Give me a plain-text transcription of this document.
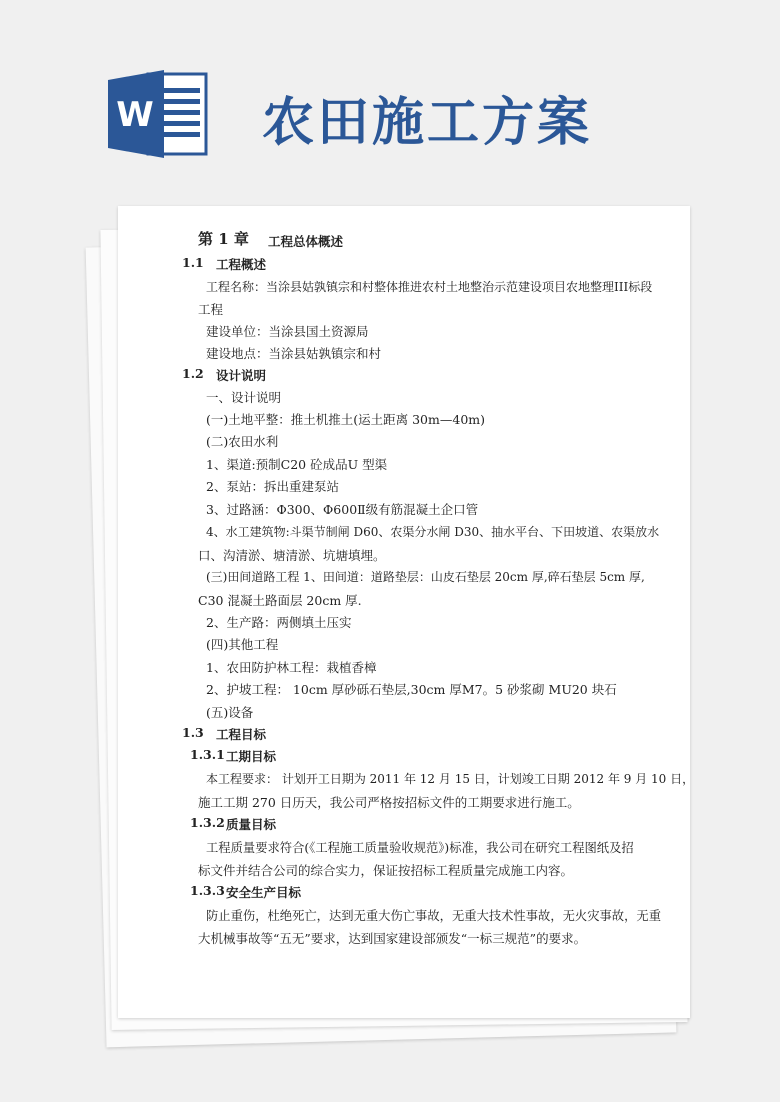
W 农田施工方案

第 1 章 工程总体概述

1.1 工程概述

工程名称：当涂县姑孰镇宗和村整体推进农村土地整治示范建设项目农地整理III标段

工程

建设单位：当涂县国土资源局

建设地点：当涂县姑孰镇宗和村

1.2 设计说明

一、设计说明

(一)土地平整：推土机推土(运土距离 30m—40m)

(二)农田水利

1、渠道:预制C20 砼成品U 型渠

2、泵站：拆出重建泵站

3、过路涵：Φ300、Φ600Ⅱ级有筋混凝土企口管

4、水工建筑物:斗渠节制闸 D60、农渠分水闸 D30、抽水平台、下田坡道、农渠放水

口、沟清淤、塘清淤、坑塘填埋。

(三)田间道路工程 1、田间道：道路垫层：山皮石垫层 20cm 厚,碎石垫层 5cm 厚,

C30 混凝土路面层 20cm 厚.

2、生产路：两侧填土压实

(四)其他工程

1、农田防护林工程：栽植香樟

2、护坡工程： 10cm 厚砂砾石垫层,30cm 厚M7。5 砂浆砌 MU20 块石

(五)设备

1.3 工程目标

1.3.1 工期目标

本工程要求： 计划开工日期为 2011 年 12 月 15 日，计划竣工日期 2012 年 9 月 10 日，

施工工期 270 日历天，我公司严格按招标文件的工期要求进行施工。

1.3.2 质量目标

工程质量要求符合(《工程施工质量验收规范》)标准，我公司在研究工程图纸及招

标文件并结合公司的综合实力，保证按招标工程质量完成施工内容。

1.3.3 安全生产目标

防止重伤，杜绝死亡，达到无重大伤亡事故，无重大技术性事故，无火灾事故，无重

大机械事故等“五无”要求，达到国家建设部颁发“一标三规范”的要求。
